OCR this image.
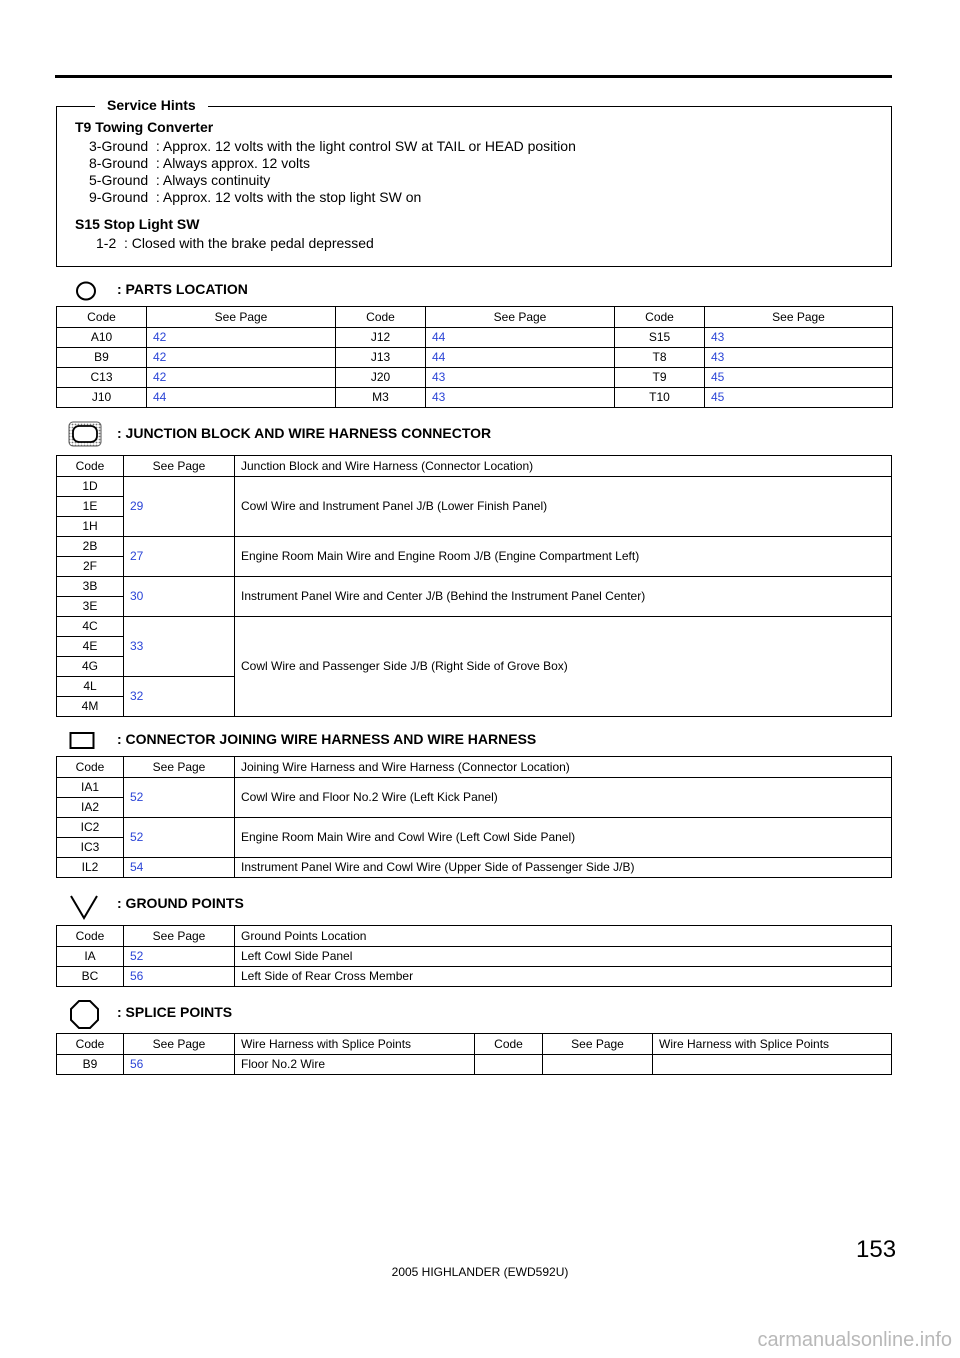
Service Hints
T9 Towing Converter
3-Ground  : Approx. 12 volts with the light control SW at TAIL or HEAD position
8-Ground  : Always approx. 12 volts
5-Ground  : Always continuity
9-Ground  : Approx. 12 volts with the stop light SW on
S15 Stop Light SW
1-2  : Closed with the brake pedal depressed
: PARTS LOCATION
Code	See Page	Code	See Page	Code	See Page
A10	42	J12	44	S15	43
B9	42	J13	44	T8	43
C13	42	J20	43	T9	45
J10	44	M3	43	T10	45
: JUNCTION BLOCK AND WIRE HARNESS CONNECTOR
Code	See Page	Junction Block and Wire Harness (Connector Location)
1D	29	Cowl Wire and Instrument Panel J/B (Lower Finish Panel)
1E		
1H		
2B	27	Engine Room Main Wire and Engine Room J/B (Engine Compartment Left)
2F		
3B	30	Instrument Panel Wire and Center J/B (Behind the Instrument Panel Center)
3E		
4C	33	Cowl Wire and Passenger Side J/B (Right Side of Grove Box)
4E		
4G		
4L	32	
4M		
: CONNECTOR JOINING WIRE HARNESS AND WIRE HARNESS
Code	See Page	Joining Wire Harness and Wire Harness (Connector Location)
IA1	52	Cowl Wire and Floor No.2 Wire (Left Kick Panel)
IA2		
IC2	52	Engine Room Main Wire and Cowl Wire (Left Cowl Side Panel)
IC3		
IL2	54	Instrument Panel Wire and Cowl Wire (Upper Side of Passenger Side J/B)
: GROUND POINTS
Code	See Page	Ground Points Location
IA	52	Left Cowl Side Panel
BC	56	Left Side of Rear Cross Member
: SPLICE POINTS
Code	See Page	Wire Harness with Splice Points	Code	See Page	Wire Harness with Splice Points
B9	56	Floor No.2 Wire			
153
2005 HIGHLANDER (EWD592U)
carmanualsonline.info
